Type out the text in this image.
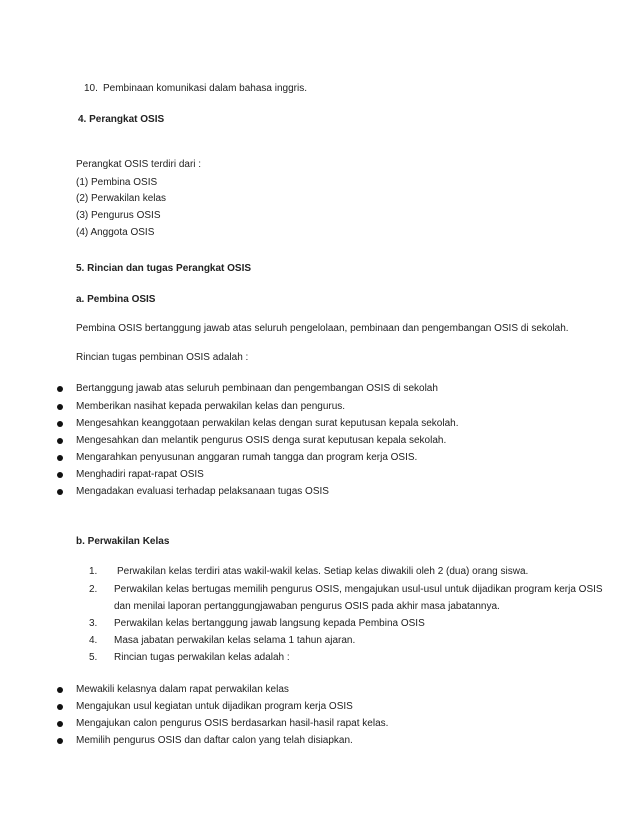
10. Pembinaan komunikasi dalam bahasa inggris.
4. Perangkat OSIS
Perangkat OSIS terdiri dari :
(1) Pembina OSIS
(2) Perwakilan kelas
(3) Pengurus OSIS
(4) Anggota OSIS
5. Rincian dan tugas Perangkat OSIS
a. Pembina OSIS
Pembina OSIS bertanggung jawab atas seluruh pengelolaan, pembinaan dan pengembangan OSIS di sekolah.
Rincian tugas pembinan OSIS adalah :
Bertanggung jawab atas seluruh pembinaan dan pengembangan OSIS di sekolah
Memberikan nasihat kepada perwakilan kelas dan pengurus.
Mengesahkan keanggotaan perwakilan kelas dengan surat keputusan kepala sekolah.
Mengesahkan dan melantik pengurus OSIS denga surat keputusan kepala sekolah.
Mengarahkan penyusunan anggaran rumah tangga dan program kerja OSIS.
Menghadiri rapat-rapat OSIS
Mengadakan evaluasi terhadap pelaksanaan tugas OSIS
b. Perwakilan Kelas
1. Perwakilan kelas terdiri atas wakil-wakil kelas. Setiap kelas diwakili oleh 2 (dua) orang siswa.
2. Perwakilan kelas bertugas memilih pengurus OSIS, mengajukan usul-usul untuk dijadikan program kerja OSIS
dan menilai laporan pertanggungjawaban pengurus OSIS pada akhir masa jabatannya.
3. Perwakilan kelas bertanggung jawab langsung kepada Pembina OSIS
4. Masa jabatan perwakilan kelas selama 1 tahun ajaran.
5. Rincian tugas perwakilan kelas adalah :
Mewakili kelasnya dalam rapat perwakilan kelas
Mengajukan usul kegiatan untuk dijadikan program kerja OSIS
Mengajukan calon pengurus OSIS berdasarkan hasil-hasil rapat kelas.
Memilih pengurus OSIS dan daftar calon yang telah disiapkan.
